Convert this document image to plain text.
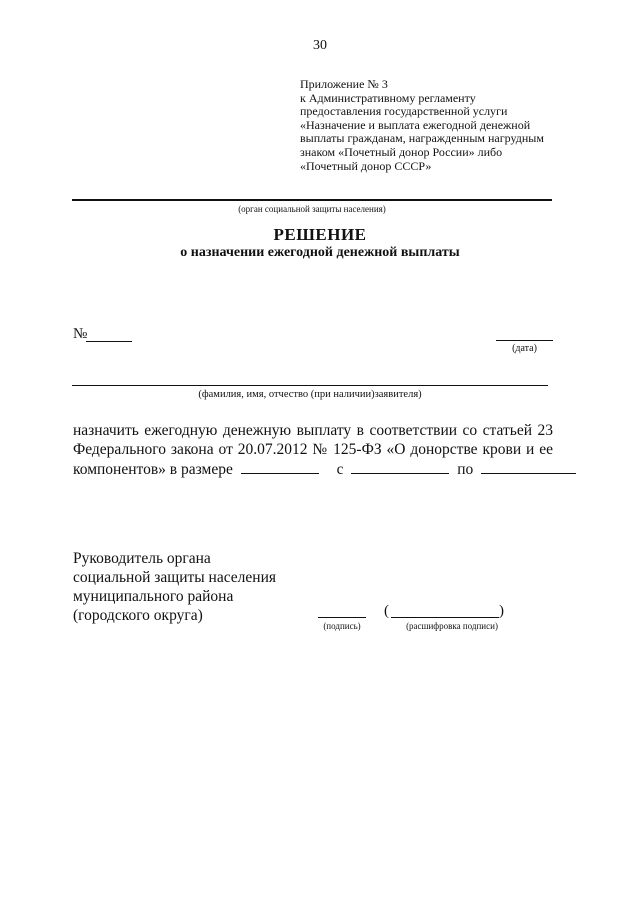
30
Приложение № 3
к Административному регламенту
предоставления государственной услуги
«Назначение и выплата ежегодной денежной
выплаты гражданам, награжденным нагрудным
знаком «Почетный донор России» либо
«Почетный донор СССР»
(орган социальной защиты населения)
РЕШЕНИЕ
о назначении ежегодной денежной выплаты
№
(дата)
(фамилия, имя, отчество (при наличии)заявителя)
назначить ежегодную денежную выплату в соответствии со статьей 23
Федерального закона от 20.07.2012 № 125-ФЗ «О донорстве крови и ее
компонентов» в размере	с	по
Руководитель органа
социальной защиты населения
муниципального района
(городского округа)
(подпись)
(	)
(расшифровка подписи)
